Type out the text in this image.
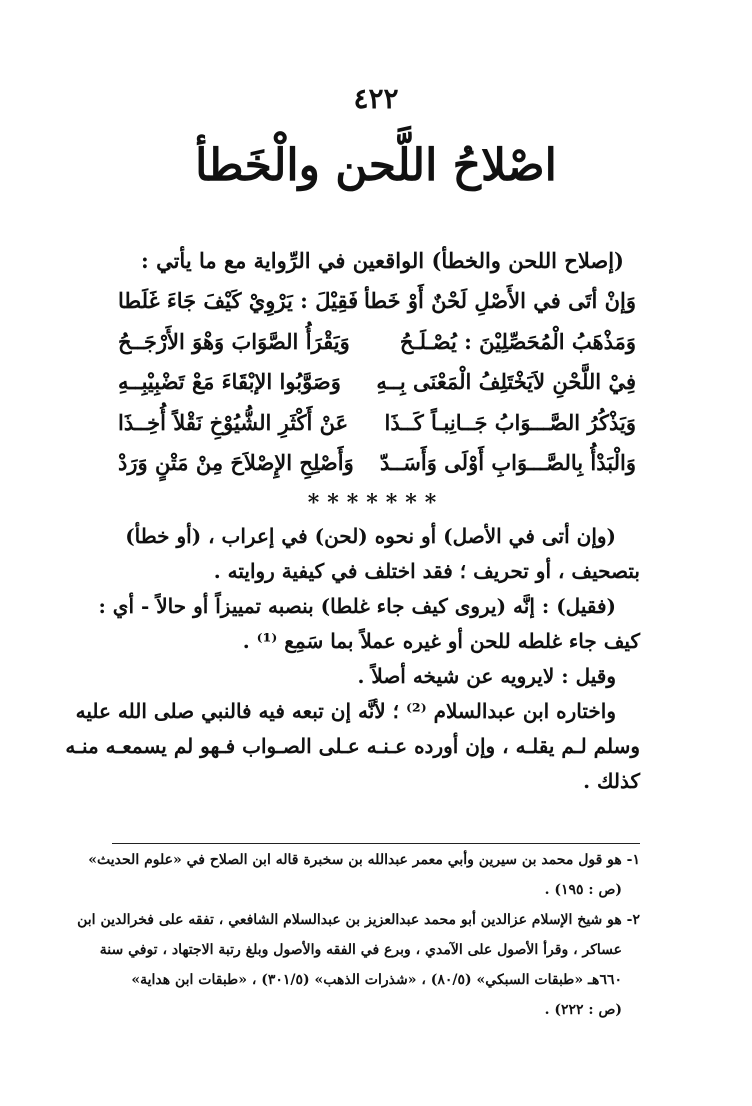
٤٢٢
اصْلاحُ اللَّحن والْخَطأ
(إصلاح اللحن والخطأ) الواقعين في الرِّواية مع ما يأتي :
وَإنْ أتَى في الأَصْلِ لَحْنٌ أَوْ خَطأ
فَقِيْلَ : يَرْوِيْ كَيْفَ جَاءَ غَلَطا
وَمَذْهَبُ الْمُحَصِّلِيْنَ : يُصْـلَـحُ
وَيَقْرَأُ الصَّوَابَ وَهْوَ الأَرْجَــحُ
فِيْ اللَّحْنِ لاَيَخْتَلِفُ الْمَعْنَى بِــهِ
وَصَوَّبُوا الإبْقَاءَ مَعْ تَضْبِيْبِــهِ
وَيَذْكُرُ الصَّـــوَابُ جَــانِبـاً كَــذَا
عَنْ أَكْثَرِ الشُّيُوْخِ نَقْلاً أُخِــذَا
وَالْبَدْأُ بِالصَّـــوَابِ أَوْلَى وَأَسَــدّ
وَأَصْلِحِ الإِصْلاَحَ مِنْ مَتْنٍ وَرَدْ
*******
(وإن أتى في الأصل) أو نحوه (لحن) في إعراب ، (أو خطأ)
بتصحيف ، أو تحريف ؛ فقد اختلف في كيفية روايته .
(فقيل) : إنَّه (يروى كيف جاء غلطا) بنصبه تمييزاً أو حالاً - أي :
كيف جاء غلطه للحن أو غيره عملاً بما سَمِع ⁽¹⁾ .
وقيل : لايرويه عن شيخه أصلاً .
واختاره ابن عبدالسلام ⁽²⁾ ؛ لأنَّه إن تبعه فيه فالنبي صلى الله عليه
وسلم لـم يقلـه ، وإن أورده عـنـه عـلى الصـواب فـهو لم يسمعـه منـه
كذلك .
١- هو قول محمد بن سيرين وأبي معمر عبدالله بن سخبرة قاله ابن الصلاح في «علوم الحديث»
(ص : ١٩٥) .
٢- هو شيخ الإسلام عزالدين أبو محمد عبدالعزيز بن عبدالسلام الشافعي ، تفقه على فخرالدين ابن
عساكر ، وقرأ الأصول على الآمدي ، وبرع في الفقه والأصول وبلغ رتبة الاجتهاد ، توفي سنة
٦٦٠هـ «طبقات السبكي» (٨٠/٥) ، «شذرات الذهب» (٣٠١/٥) ، «طبقات ابن هداية»
(ص : ٢٢٢) .
